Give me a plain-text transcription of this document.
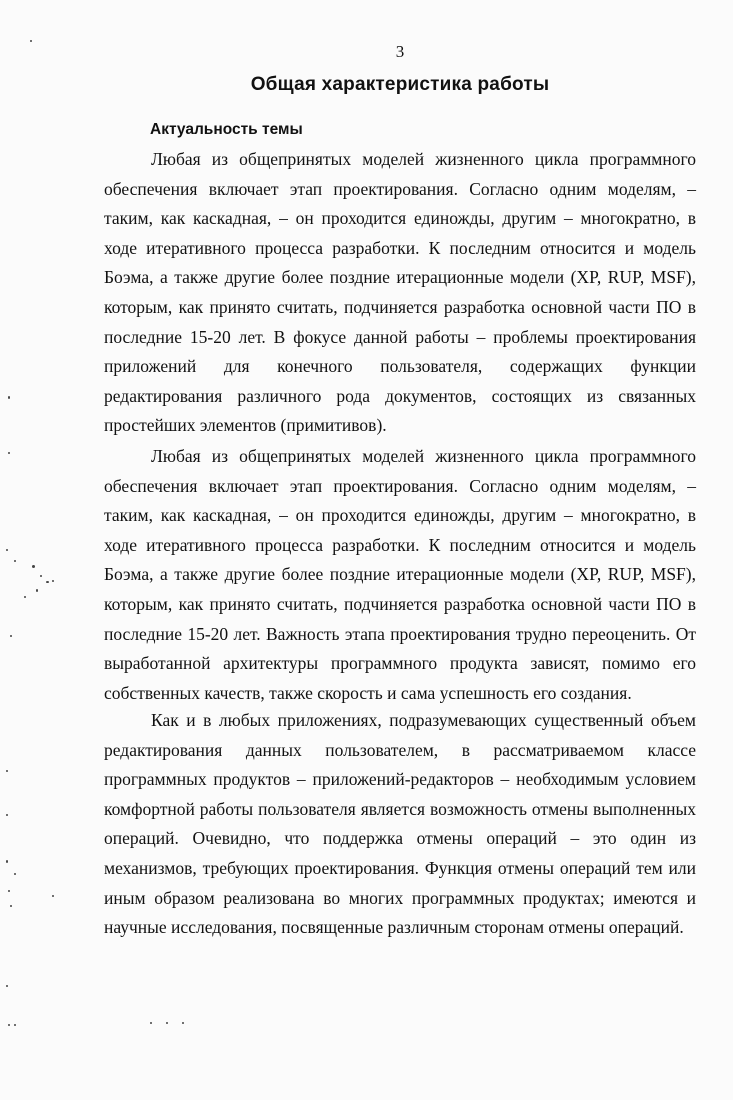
3
Общая характеристика работы
Актуальность темы

Любая из общепринятых моделей жизненного цикла программного обеспечения включает этап проектирования. Согласно одним моделям, – таким, как каскадная, – он проходится единожды, другим – многократно, в ходе итеративного процесса разработки. К последним относится и модель Боэма, а также другие более поздние итерационные модели (XP, RUP, MSF), которым, как принято считать, подчиняется разработка основной части ПО в последние 15-20 лет. В фокусе данной работы – проблемы проектирования приложений для конечного пользователя, содержащих функции редактирования различного рода документов, состоящих из связанных простейших элементов (примитивов).

Любая из общепринятых моделей жизненного цикла программного обеспечения включает этап проектирования. Согласно одним моделям, – таким, как каскадная, – он проходится единожды, другим – многократно, в ходе итеративного процесса разработки. К последним относится и модель Боэма, а также другие более поздние итерационные модели (XP, RUP, MSF), которым, как принято считать, подчиняется разработка основной части ПО в последние 15-20 лет. Важность этапа проектирования трудно переоценить. От выработанной архитектуры программного продукта зависят, помимо его собственных качеств, также скорость и сама успешность его создания.

Как и в любых приложениях, подразумевающих существенный объем редактирования данных пользователем, в рассматриваемом классе программных продуктов – приложений-редакторов – необходимым условием комфортной работы пользователя является возможность отмены выполненных операций. Очевидно, что поддержка отмены операций – это один из механизмов, требующих проектирования. Функция отмены операций тем или иным образом реализована во многих программных продуктах; имеются и научные исследования, посвященные различным сторонам отмены операций.
